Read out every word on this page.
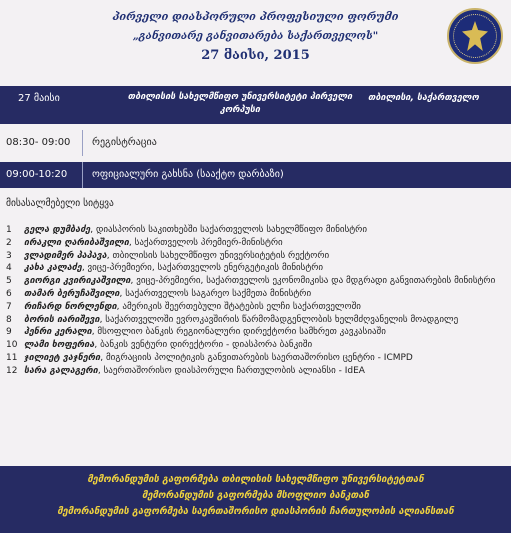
პირველი დიასპორული პროფესიული ფორუმი
„განვითარე განვითარება საქართველოს"
27 მაისი, 2015
27 მაისი	თბილისის სახელმწიფო უნივერსიტეტი პირველი კორპუსი
თბილისი, საქართველო
08:30- 09:00 რეგისტრაცია
09:00-10:20 ოფიციალური გახსნა (სააქტო დარბაზი)
მისასალმებელი სიტყვა
1 გელა დუმბაძე, დიასპორის საკითხებში საქართველოს სახელმწიფო მინისტრი
2 ირაკლი ღარიბაშვილი, საქართველოს პრემიერ-მინისტრი
3 ვლადიმერ პაპავა, თბილისის სახელმწიფო უნივერსიტეტის რექტორი
4 კახა კალაძე, ვიცე-პრემიერი, საქართველოს ენერგეტიკის მინისტრი
5 გიორგი კვირიკაშვილი, ვიცე-პრემიერი, საქართველოს ეკონომიკისა და მდგრადი განვითარების მინისტრი
6 თამარ ბერუჩაშვილი, საქართველოს საგარეო საქმეთა მინისტრი
7 რიჩარდ ნორლენდი, ამერიკის შეერთებული შტატების ელჩი საქართველოში
8 ბორის იარიშევი, საქართველოში ევროკავშირის წარმომადგენლობის ხელმძღვანელის მოადგილე
9 ჰენრი კერალი, მსოფლიო ბანკის რეგიონალური დირექტორი სამხრეთ კავკასიაში
10 ლამი ხოფერია, ბანკის ვენტური დირექტორი - დიასპორა ბანკიში
11 ჯილიეტ ვაჯნერი, მიგრაციის პოლიტიკის განვითარების საერთაშორისო ცენტრი - ICMPD
12 სარა გალაგერი, საერთაშორისო დიასპორული ჩართულობის ალიანსი - IdEA
მემორანდუმის გაფორმება თბილისის სახელმწიფო უნივერსიტეტთან
მემორანდუმის გაფორმება მსოფლიო ბანკთან
მემორანდუმის გაფორმება საერთაშორისო დიასპორის ჩართულობის ალიანსთან
